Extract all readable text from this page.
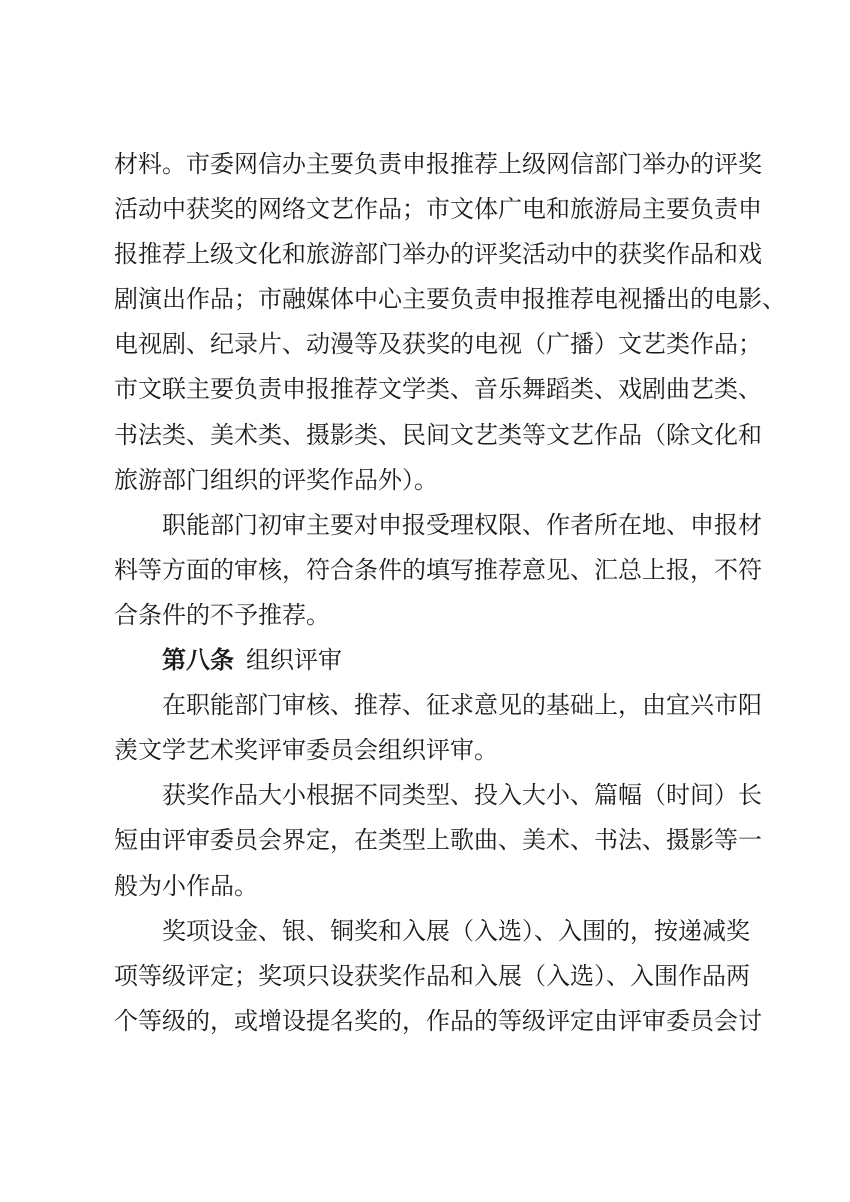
材料。市委网信办主要负责申报推荐上级网信部门举办的评奖
活动中获奖的网络文艺作品；市文体广电和旅游局主要负责申
报推荐上级文化和旅游部门举办的评奖活动中的获奖作品和戏
剧演出作品；市融媒体中心主要负责申报推荐电视播出的电影、
电视剧、纪录片、动漫等及获奖的电视（广播）文艺类作品；
市文联主要负责申报推荐文学类、音乐舞蹈类、戏剧曲艺类、
书法类、美术类、摄影类、民间文艺类等文艺作品（除文化和
旅游部门组织的评奖作品外）。
职能部门初审主要对申报受理权限、作者所在地、申报材
料等方面的审核，符合条件的填写推荐意见、汇总上报，不符
合条件的不予推荐。
第八条 组织评审
在职能部门审核、推荐、征求意见的基础上，由宜兴市阳
羡文学艺术奖评审委员会组织评审。
获奖作品大小根据不同类型、投入大小、篇幅（时间）长
短由评审委员会界定，在类型上歌曲、美术、书法、摄影等一
般为小作品。
奖项设金、银、铜奖和入展（入选）、入围的，按递减奖
项等级评定；奖项只设获奖作品和入展（入选）、入围作品两
个等级的，或增设提名奖的，作品的等级评定由评审委员会讨
